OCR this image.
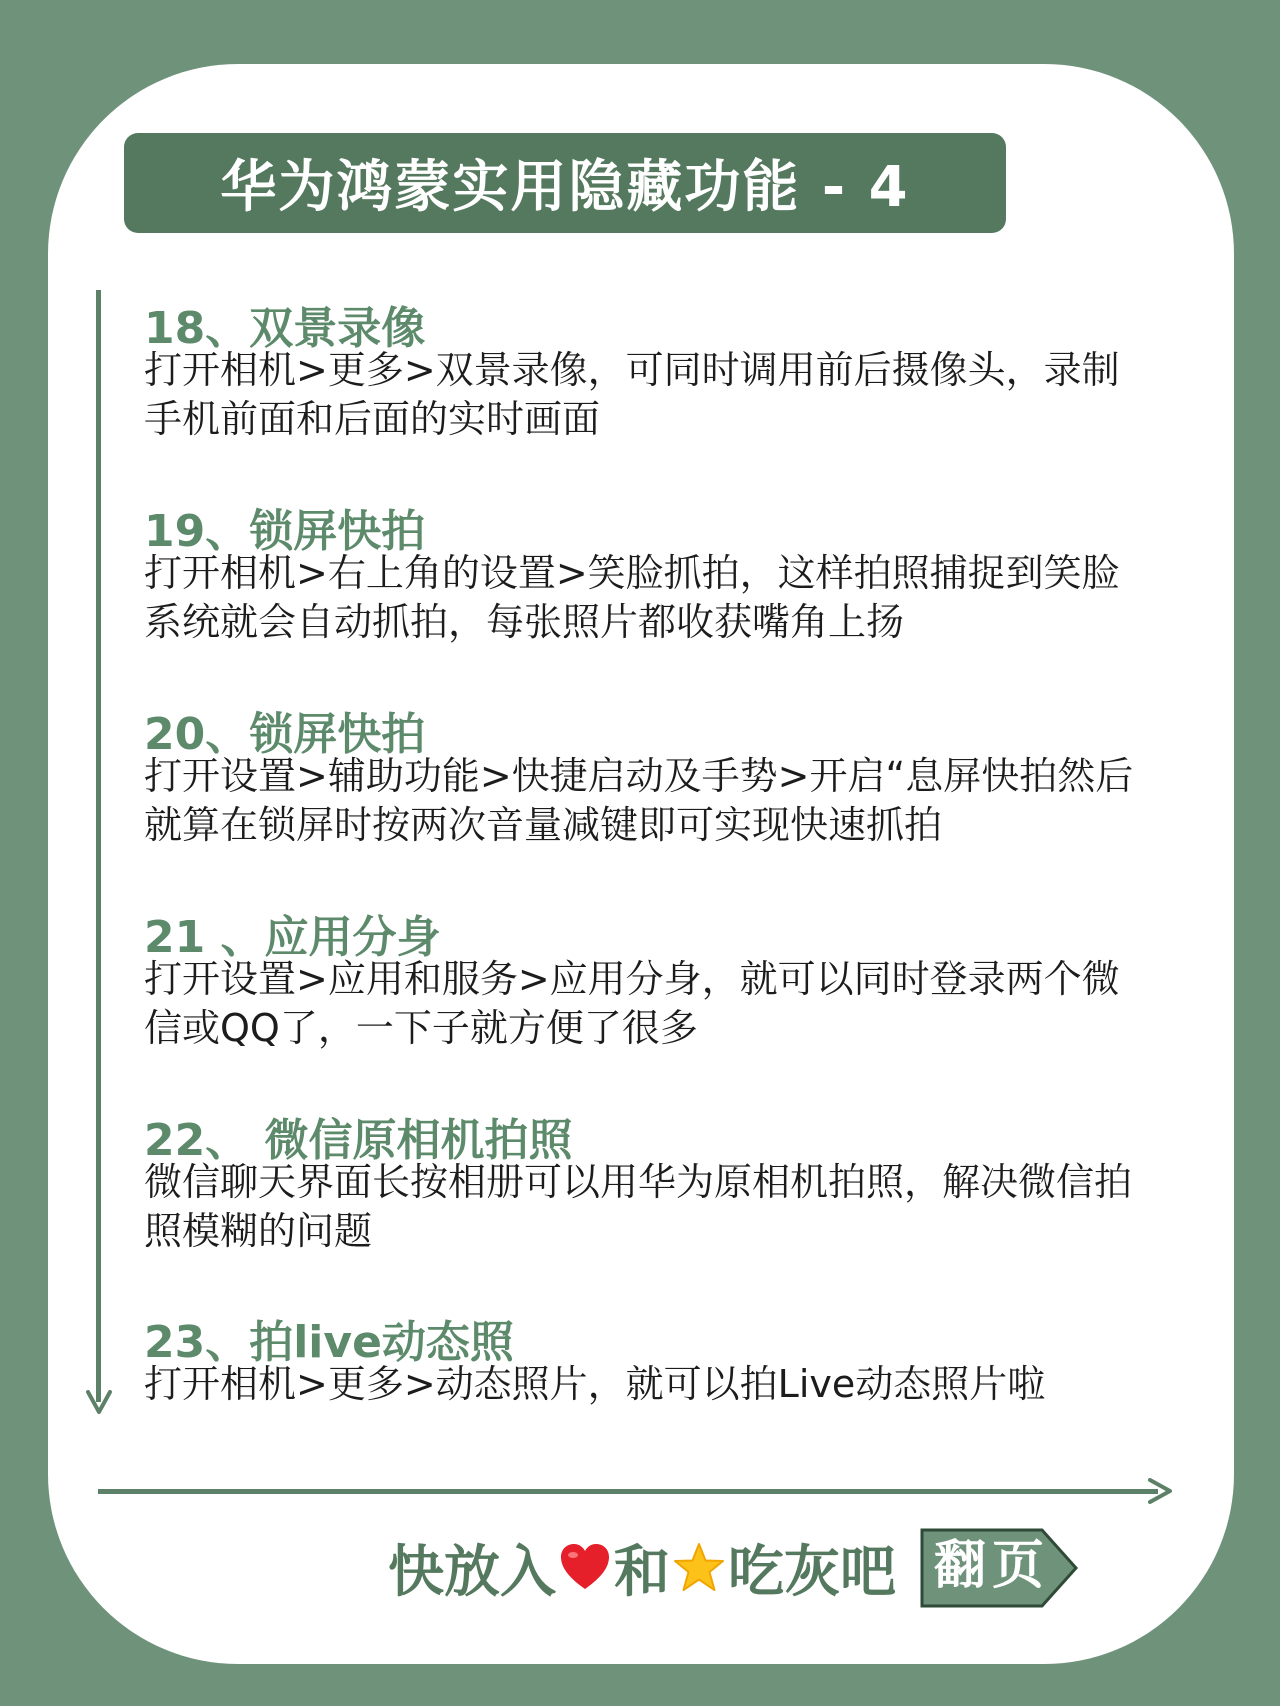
华为鸿蒙实用隐藏功能 - 4
18、双景录像
打开相机>更多>双景录像，可同时调用前后摄像头，录制手机前面和后面的实时画面
19、锁屏快拍
打开相机>右上角的设置>笑脸抓拍，这样拍照捕捉到笑脸系统就会自动抓拍，每张照片都收获嘴角上扬
20、锁屏快拍
打开设置>辅助功能>快捷启动及手势>开启“息屏快拍然后就算在锁屏时按两次音量减键即可实现快速抓拍
21 、应用分身
打开设置>应用和服务>应用分身，就可以同时登录两个微信或QQ了，一下子就方便了很多
22、 微信原相机拍照
微信聊天界面长按相册可以用华为原相机拍照，解决微信拍照模糊的问题
23、拍live动态照
打开相机>更多>动态照片，就可以拍Live动态照片啦
快放入 和 吃灰吧 翻页
